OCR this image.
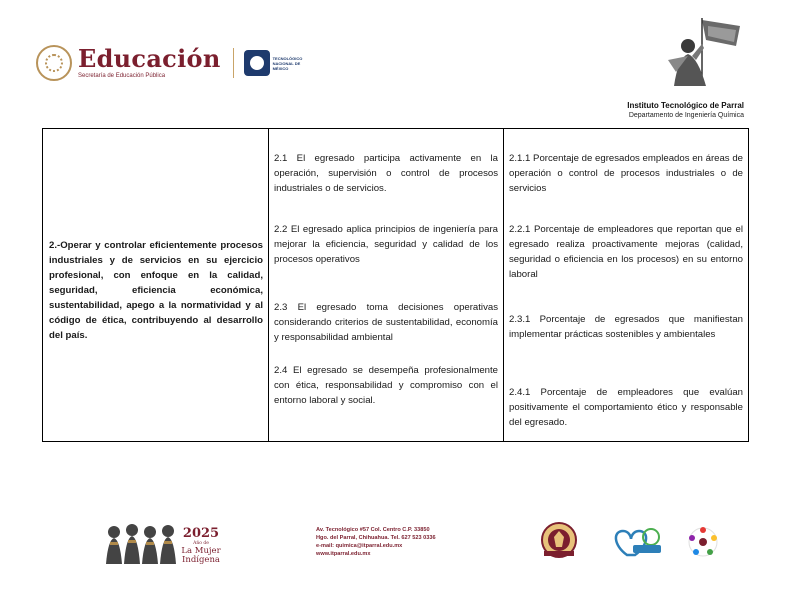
Educación
Secretaría de Educación Pública
TECNOLÓGICO NACIONAL DE MÉXICO
Instituto Tecnológico de Parral
Departamento de Ingeniería Química
2.-Operar y controlar eficientemente procesos industriales y de servicios en su ejercicio profesional, con enfoque en la calidad, seguridad, eficiencia económica, sustentabilidad, apego a la normatividad y al código de ética, contribuyendo al desarrollo del país.
2.1 El egresado participa activamente en la operación, supervisión o control de procesos industriales o de servicios.
2.2 El egresado aplica principios de ingeniería para mejorar la eficiencia, seguridad y calidad de los procesos operativos
2.3 El egresado toma decisiones operativas considerando criterios de sustentabilidad, economía y responsabilidad ambiental
2.4 El egresado se desempeña profesionalmente con ética, responsabilidad y compromiso con el entorno laboral y social.
2.1.1 Porcentaje de egresados empleados en áreas de operación o control de procesos industriales o de servicios
2.2.1 Porcentaje de empleadores que reportan que el egresado realiza proactivamente mejoras (calidad, seguridad o eficiencia en los procesos) en su entorno laboral
2.3.1 Porcentaje de egresados que manifiestan implementar prácticas sostenibles y ambientales
2.4.1 Porcentaje de empleadores que evalúan positivamente el comportamiento ético y responsable del egresado.
2025
Año de
La Mujer
Indígena
Av. Tecnológico #57 Col. Centro C.P. 33850
Hgo. del Parral, Chihuahua. Tel. 627 523 0336
e-mail: quimica@itparral.edu.mx
www.itparral.edu.mx
